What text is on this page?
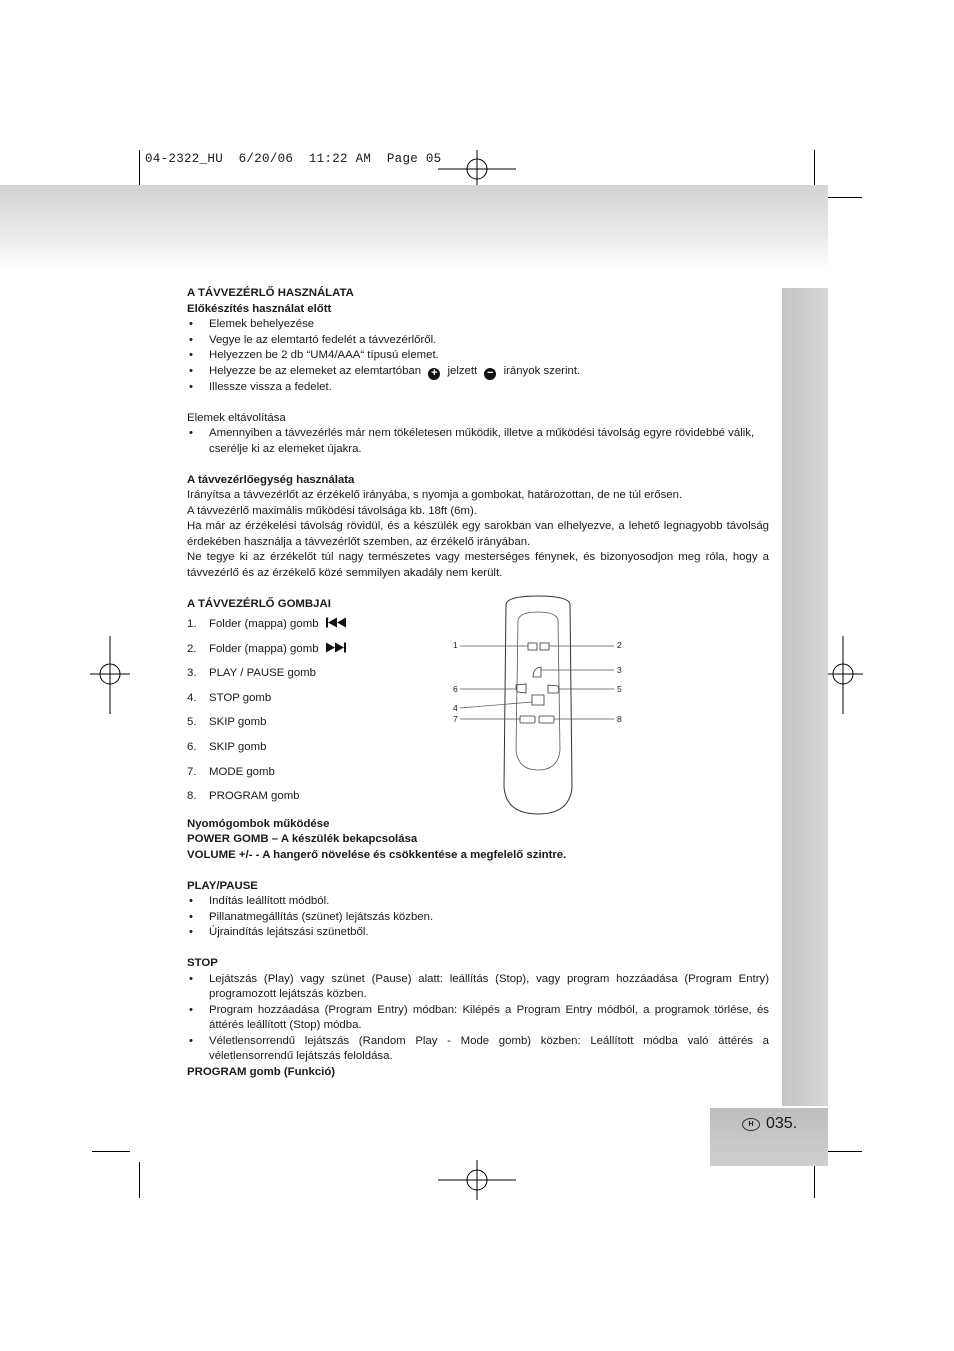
04-2322_HU  6/20/06  11:22 AM  Page 05
H 035.

A TÁVVEZÉRLŐ HASZNÁLATA

Előkészítés használat előtt

• Elemek behelyezése
• Vegye le az elemtartó fedelét a távvezérlőről.
• Helyezzen be 2 db “UM4/AAA“ típusú elemet.
• Helyezze be az elemeket az elemtartóban + jelzett − irányok szerint.
• Illessze vissza a fedelet.

Elemek eltávolítása

• Amennyiben a távvezérlés már nem tökéletesen működik, illetve a működési távolság egyre rövidebbé válik, cserélje ki az elemeket újakra.

A távvezérlőegység használata

Irányítsa a távvezérlőt az érzékelő irányába, s nyomja a gombokat, határozottan, de ne túl erősen.

A távvezérlő maximális működési távolsága kb. 18ft (6m).

Ha már az érzékelési távolság rövidül, és a készülék egy sarokban van elhelyezve, a lehető legnagyobb távolság érdekében használja a távvezérlőt szemben, az érzékelő irányában.

Ne tegye ki az érzékelőt túl nagy természetes vagy mesterséges fénynek, és bizonyosodjon meg róla, hogy a távvezérlő és az érzékelő közé semmilyen akadály nem került.

A TÁVVEZÉRLŐ GOMBJAI

1. Folder (mappa) gomb
2. Folder (mappa) gomb
3. PLAY / PAUSE gomb
4. STOP gomb
5. SKIP gomb
6. SKIP gomb
7. MODE gomb
8. PROGRAM gomb

Nyomógombok működése

POWER GOMB – A készülék bekapcsolása

VOLUME +/- - A hangerő növelése és csökkentése a megfelelő szintre.

PLAY/PAUSE

• Indítás leállított módból.
• Pillanatmegállítás (szünet) lejátszás közben.
• Újraindítás lejátszási szünetből.

STOP

• Lejátszás (Play) vagy szünet (Pause) alatt: leállítás (Stop), vagy program hozzáadása (Program Entry) programozott lejátszás közben.
• Program hozzáadása (Program Entry) módban: Kilépés a Program Entry módból, a programok törlése, és áttérés leállított (Stop) módba.
• Véletlensorrendű lejátszás (Random Play - Mode gomb) közben: Leállított módba való áttérés a véletlensorrendű lejátszás feloldása.

PROGRAM gomb (Funkció)

1	2
3
6	5
4
7	8
